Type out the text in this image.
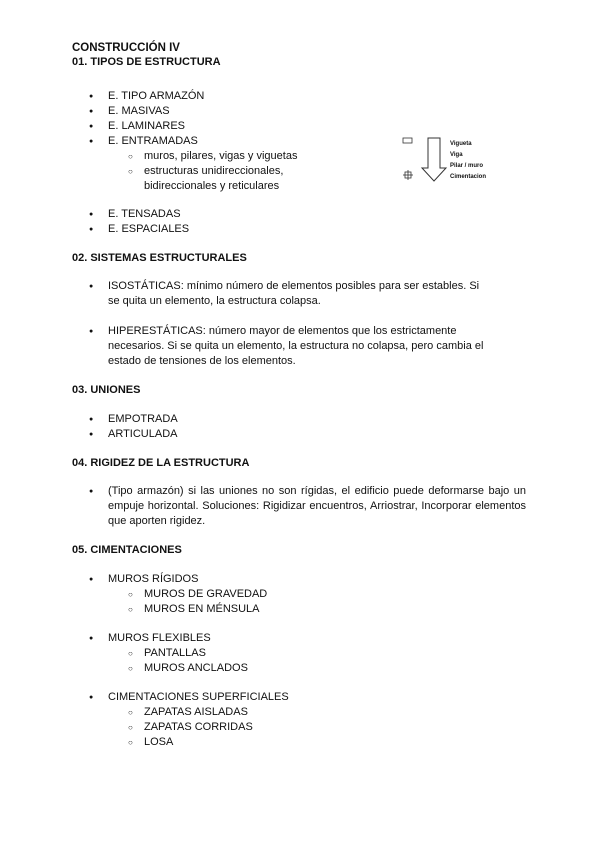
CONSTRUCCIÓN IV

01. TIPOS DE ESTRUCTURA

● E. TIPO ARMAZÓN
● E. MASIVAS
● E. LAMINARES
● E. ENTRAMADAS
○ muros, pilares, vigas y viguetas
○ estructuras unidireccionales, bidireccionales y reticulares
● E. TENSADAS
● E. ESPACIALES

02. SISTEMAS ESTRUCTURALES

● ISOSTÁTICAS: mínimo número de elementos posibles para ser estables. Si se quita un elemento, la estructura colapsa.
● HIPERESTÁTICAS: número mayor de elementos que los estrictamente necesarios. Si se quita un elemento, la estructura no colapsa, pero cambia el estado de tensiones de los elementos.

03. UNIONES

● EMPOTRADA
● ARTICULADA

04. RIGIDEZ DE LA ESTRUCTURA

● (Tipo armazón) si las uniones no son rígidas, el edificio puede deformarse bajo un empuje horizontal. Soluciones: Rigidizar encuentros, Arriostrar, Incorporar elementos que aporten rigidez.

05. CIMENTACIONES

● MUROS RÍGIDOS
○ MUROS DE GRAVEDAD
○ MUROS EN MÉNSULA
● MUROS FLEXIBLES
○ PANTALLAS
○ MUROS ANCLADOS
● CIMENTACIONES SUPERFICIALES
○ ZAPATAS AISLADAS
○ ZAPATAS CORRIDAS
○ LOSA
Vigueta
Viga
Pilar / muro
Cimentacion
